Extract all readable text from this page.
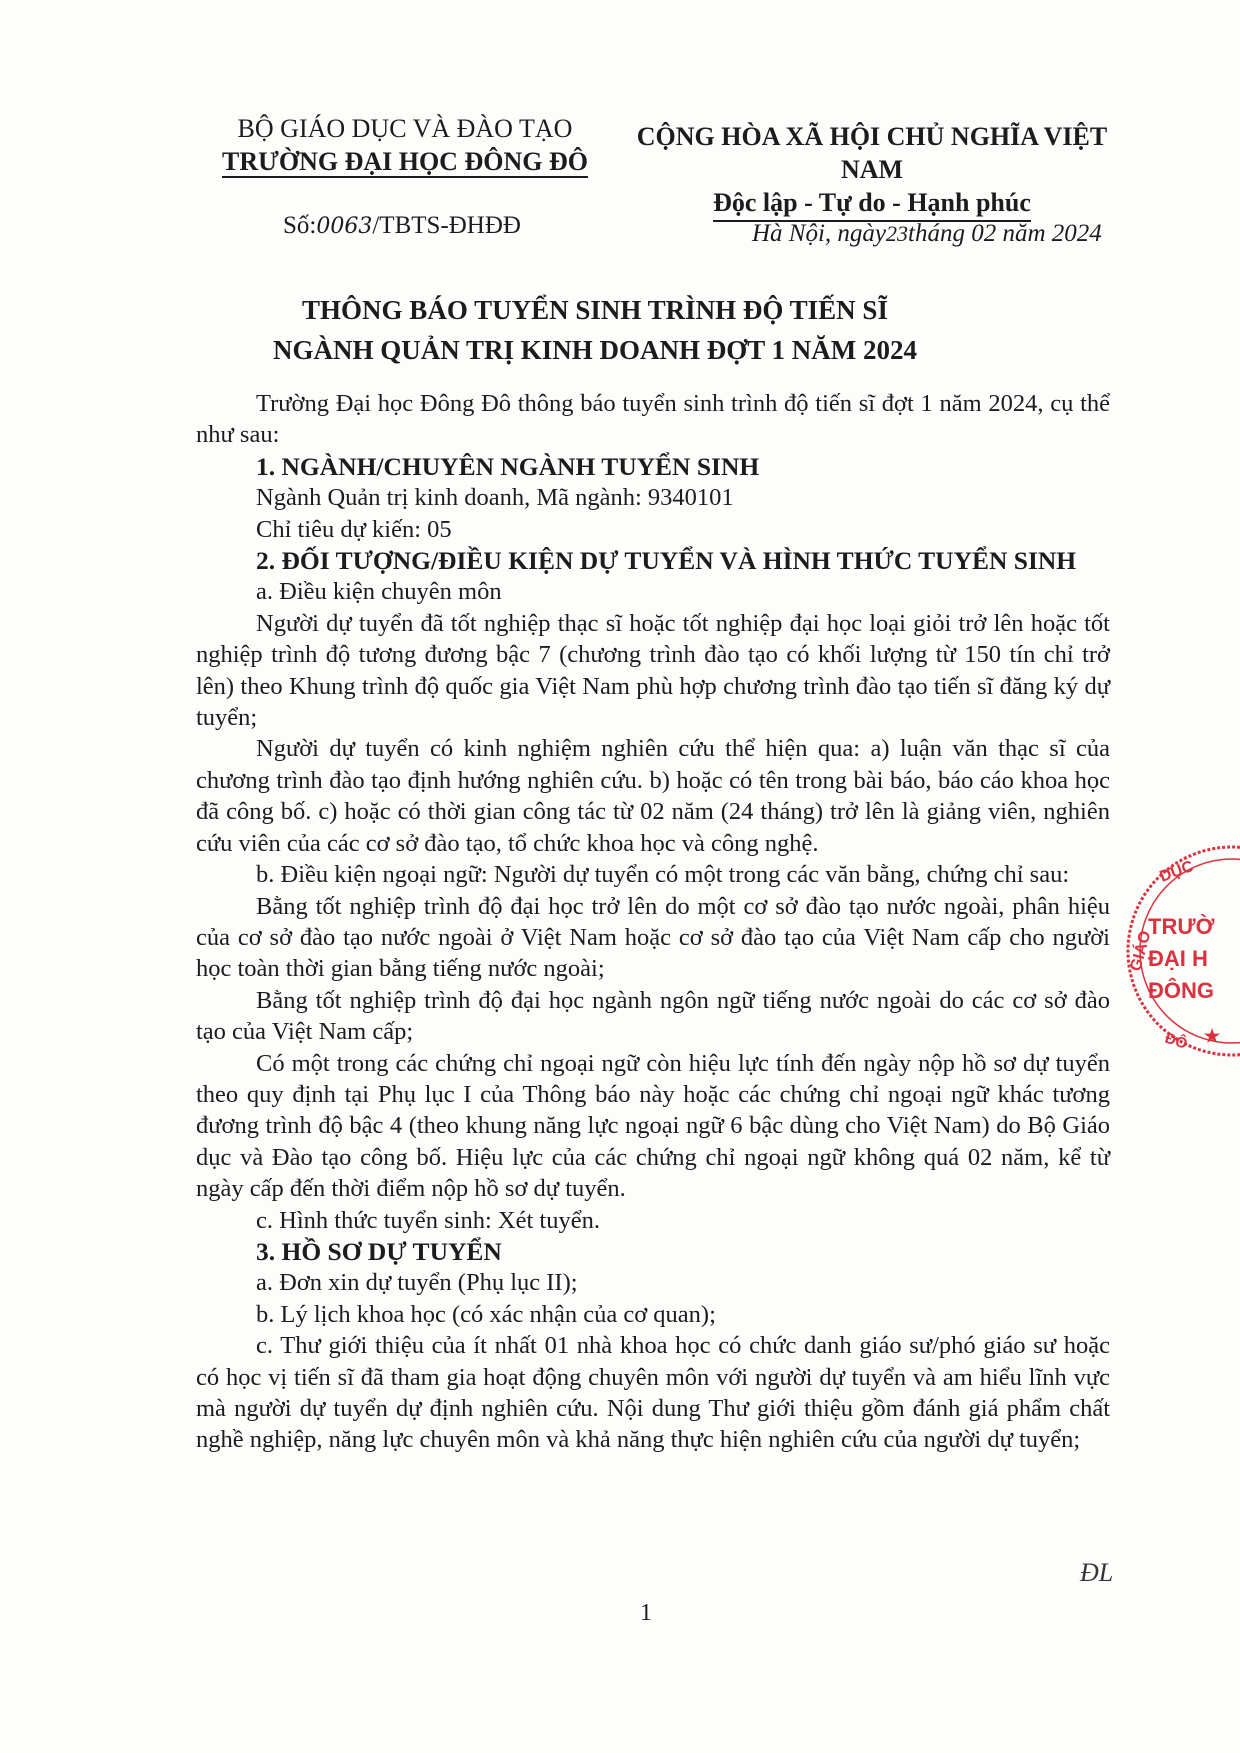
BỘ GIÁO DỤC VÀ ĐÀO TẠO
TRƯỜNG ĐẠI HỌC ĐÔNG ĐÔ
CỘNG HÒA XÃ HỘI CHỦ NGHĨA VIỆT NAM
Độc lập - Tự do - Hạnh phúc
Số:0063/TBTS-ĐHĐĐ	Hà Nội, ngày23tháng 02 năm 2024
THÔNG BÁO TUYỂN SINH TRÌNH ĐỘ TIẾN SĨ
NGÀNH QUẢN TRỊ KINH DOANH ĐỢT 1 NĂM 2024

Trường Đại học Đông Đô thông báo tuyển sinh trình độ tiến sĩ đợt 1 năm 2024, cụ thể như sau:

1. NGÀNH/CHUYÊN NGÀNH TUYỂN SINH

Ngành Quản trị kinh doanh, Mã ngành: 9340101

Chỉ tiêu dự kiến: 05

2. ĐỐI TƯỢNG/ĐIỀU KIỆN DỰ TUYỂN VÀ HÌNH THỨC TUYỂN SINH

a. Điều kiện chuyên môn

Người dự tuyển đã tốt nghiệp thạc sĩ hoặc tốt nghiệp đại học loại giỏi trở lên hoặc tốt nghiệp trình độ tương đương bậc 7 (chương trình đào tạo có khối lượng từ 150 tín chỉ trở lên) theo Khung trình độ quốc gia Việt Nam phù hợp chương trình đào tạo tiến sĩ đăng ký dự tuyển;

Người dự tuyển có kinh nghiệm nghiên cứu thể hiện qua: a) luận văn thạc sĩ của chương trình đào tạo định hướng nghiên cứu. b) hoặc có tên trong bài báo, báo cáo khoa học đã công bố. c) hoặc có thời gian công tác từ 02 năm (24 tháng) trở lên là giảng viên, nghiên cứu viên của các cơ sở đào tạo, tổ chức khoa học và công nghệ.

b. Điều kiện ngoại ngữ: Người dự tuyển có một trong các văn bằng, chứng chỉ sau:

Bằng tốt nghiệp trình độ đại học trở lên do một cơ sở đào tạo nước ngoài, phân hiệu của cơ sở đào tạo nước ngoài ở Việt Nam hoặc cơ sở đào tạo của Việt Nam cấp cho người học toàn thời gian bằng tiếng nước ngoài;

Bằng tốt nghiệp trình độ đại học ngành ngôn ngữ tiếng nước ngoài do các cơ sở đào tạo của Việt Nam cấp;

Có một trong các chứng chỉ ngoại ngữ còn hiệu lực tính đến ngày nộp hồ sơ dự tuyển theo quy định tại Phụ lục I của Thông báo này hoặc các chứng chỉ ngoại ngữ khác tương đương trình độ bậc 4 (theo khung năng lực ngoại ngữ 6 bậc dùng cho Việt Nam) do Bộ Giáo dục và Đào tạo công bố. Hiệu lực của các chứng chỉ ngoại ngữ không quá 02 năm, kể từ ngày cấp đến thời điểm nộp hồ sơ dự tuyển.

c. Hình thức tuyển sinh: Xét tuyển.

3. HỒ SƠ DỰ TUYỂN

a. Đơn xin dự tuyển (Phụ lục II);

b. Lý lịch khoa học (có xác nhận của cơ quan);

c. Thư giới thiệu của ít nhất 01 nhà khoa học có chức danh giáo sư/phó giáo sư hoặc có học vị tiến sĩ đã tham gia hoạt động chuyên môn với người dự tuyển và am hiểu lĩnh vực mà người dự tuyển dự định nghiên cứu. Nội dung Thư giới thiệu gồm đánh giá phẩm chất nghề nghiệp, năng lực chuyên môn và khả năng thực hiện nghiên cứu của người dự tuyển;

DỤC
GIÁO
TRƯỜ
ĐẠI H
ĐÔNG
ĐÔ ★
ĐL
1
